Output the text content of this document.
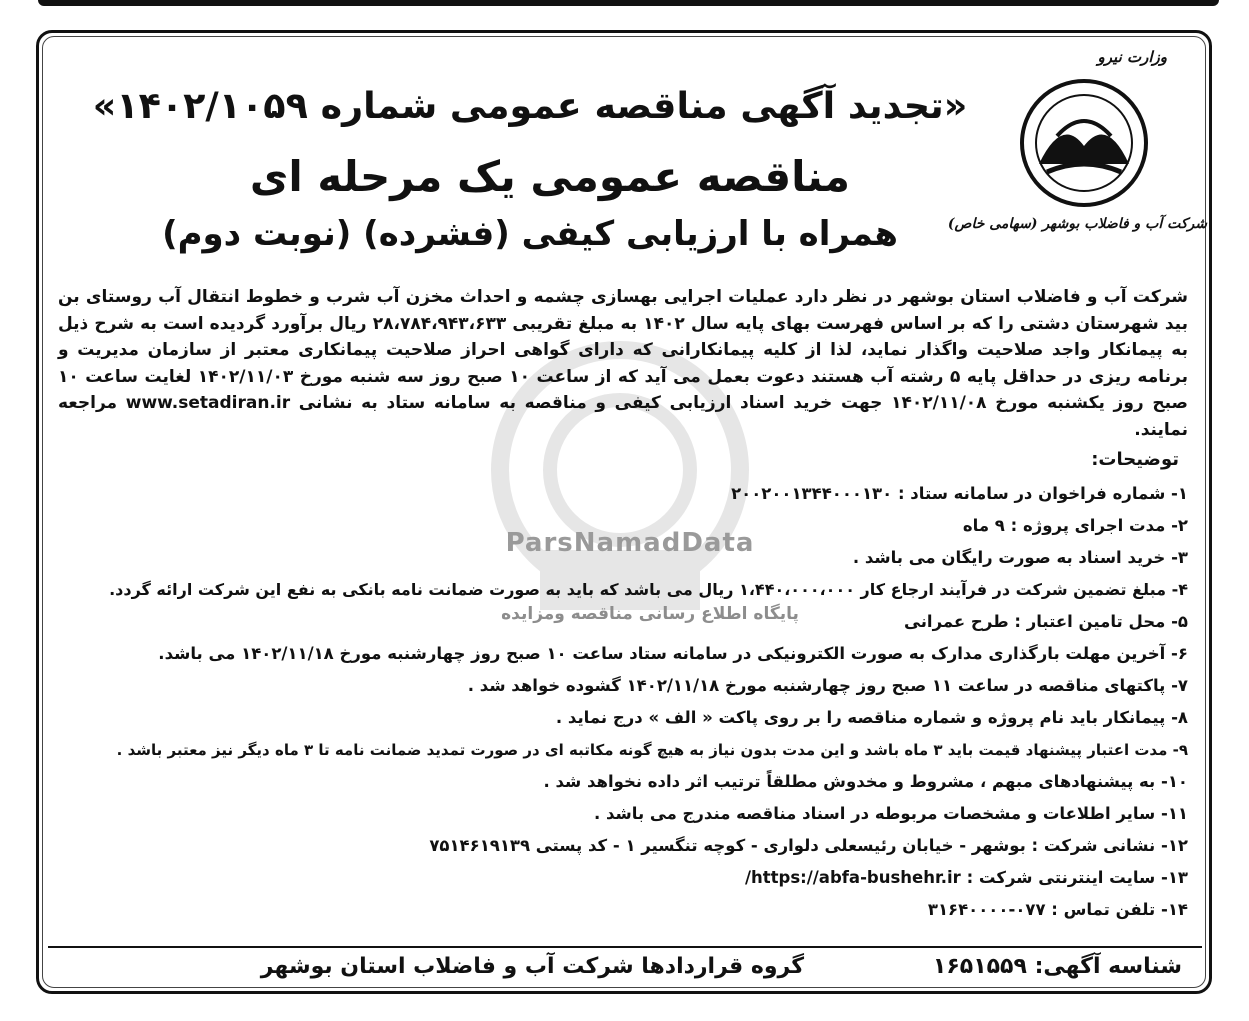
ParsNamadData
پایگاه اطلاع رسانی مناقصه ومزایده
وزارت نیرو
شرکت آب و فاضلاب بوشهر (سهامی خاص)
«تجدید آگهی مناقصه عمومی شماره ۱۴۰۲/۱۰۵۹»
مناقصه عمومی یک مرحله ای
همراه با ارزیابی کیفی (فشرده) (نوبت دوم)
شرکت آب و فاضلاب استان بوشهر در نظر دارد عملیات اجرایی بهسازی چشمه و احداث مخزن آب شرب و خطوط انتقال آب روستای بن بید شهرستان دشتی را که بر اساس فهرست بهای پایه سال ۱۴۰۲ به مبلغ تقریبی ۲۸،۷۸۴،۹۴۳،۶۳۳ ریال برآورد گردیده است به شرح ذیل به پیمانکار واجد صلاحیت واگذار نماید، لذا از کلیه پیمانکارانی که دارای گواهی احراز صلاحیت پیمانکاری معتبر از سازمان مدیریت و برنامه ریزی در حداقل پایه ۵ رشته آب هستند دعوت بعمل می آید که از ساعت ۱۰ صبح روز سه شنبه مورخ ۱۴۰۲/۱۱/۰۳ لغایت ساعت ۱۰ صبح روز یکشنبه مورخ ۱۴۰۲/۱۱/۰۸ جهت خرید اسناد ارزیابی کیفی و مناقصه به سامانه ستاد به نشانی www.setadiran.ir مراجعه نمایند.
توضیحات:
۱- شماره فراخوان در سامانه ستاد : ۲۰۰۲۰۰۱۳۴۴۰۰۰۱۳۰
۲- مدت اجرای پروژه : ۹ ماه
۳- خرید اسناد به صورت رایگان می باشد .
۴- مبلغ تضمین شرکت در فرآیند ارجاع کار ۱،۴۴۰،۰۰۰،۰۰۰ ریال می باشد که باید به صورت ضمانت نامه بانکی به نفع این شرکت ارائه گردد.
۵- محل تامین اعتبار : طرح عمرانی
۶- آخرین مهلت بارگذاری مدارک به صورت الکترونیکی در سامانه ستاد ساعت ۱۰ صبح روز چهارشنبه مورخ ۱۴۰۲/۱۱/۱۸ می باشد.
۷- پاکتهای مناقصه در ساعت ۱۱ صبح روز چهارشنبه مورخ ۱۴۰۲/۱۱/۱۸ گشوده خواهد شد .
۸- پیمانکار باید نام پروژه و شماره مناقصه را بر روی پاکت « الف » درج نماید .
۹- مدت اعتبار پیشنهاد قیمت باید ۳ ماه باشد و این مدت بدون نیاز به هیچ گونه مکاتبه ای در صورت تمدید ضمانت نامه تا ۳ ماه دیگر نیز معتبر باشد .
۱۰- به پیشنهادهای مبهم ، مشروط و مخدوش مطلقاً ترتیب اثر داده نخواهد شد .
۱۱- سایر اطلاعات و مشخصات مربوطه در اسناد مناقصه مندرج می باشد .
۱۲- نشانی شرکت : بوشهر - خیابان رئیسعلی دلواری - کوچه تنگسیر ۱ - کد پستی ۷۵۱۴۶۱۹۱۳۹
۱۳- سایت اینترنتی شرکت : https://abfa-bushehr.ir/
۱۴- تلفن تماس : ۰۷۷-۳۱۶۴۰۰۰۰
شناسه آگهی: ۱۶۵۱۵۵۹
گروه قراردادها شرکت آب و فاضلاب استان بوشهر
